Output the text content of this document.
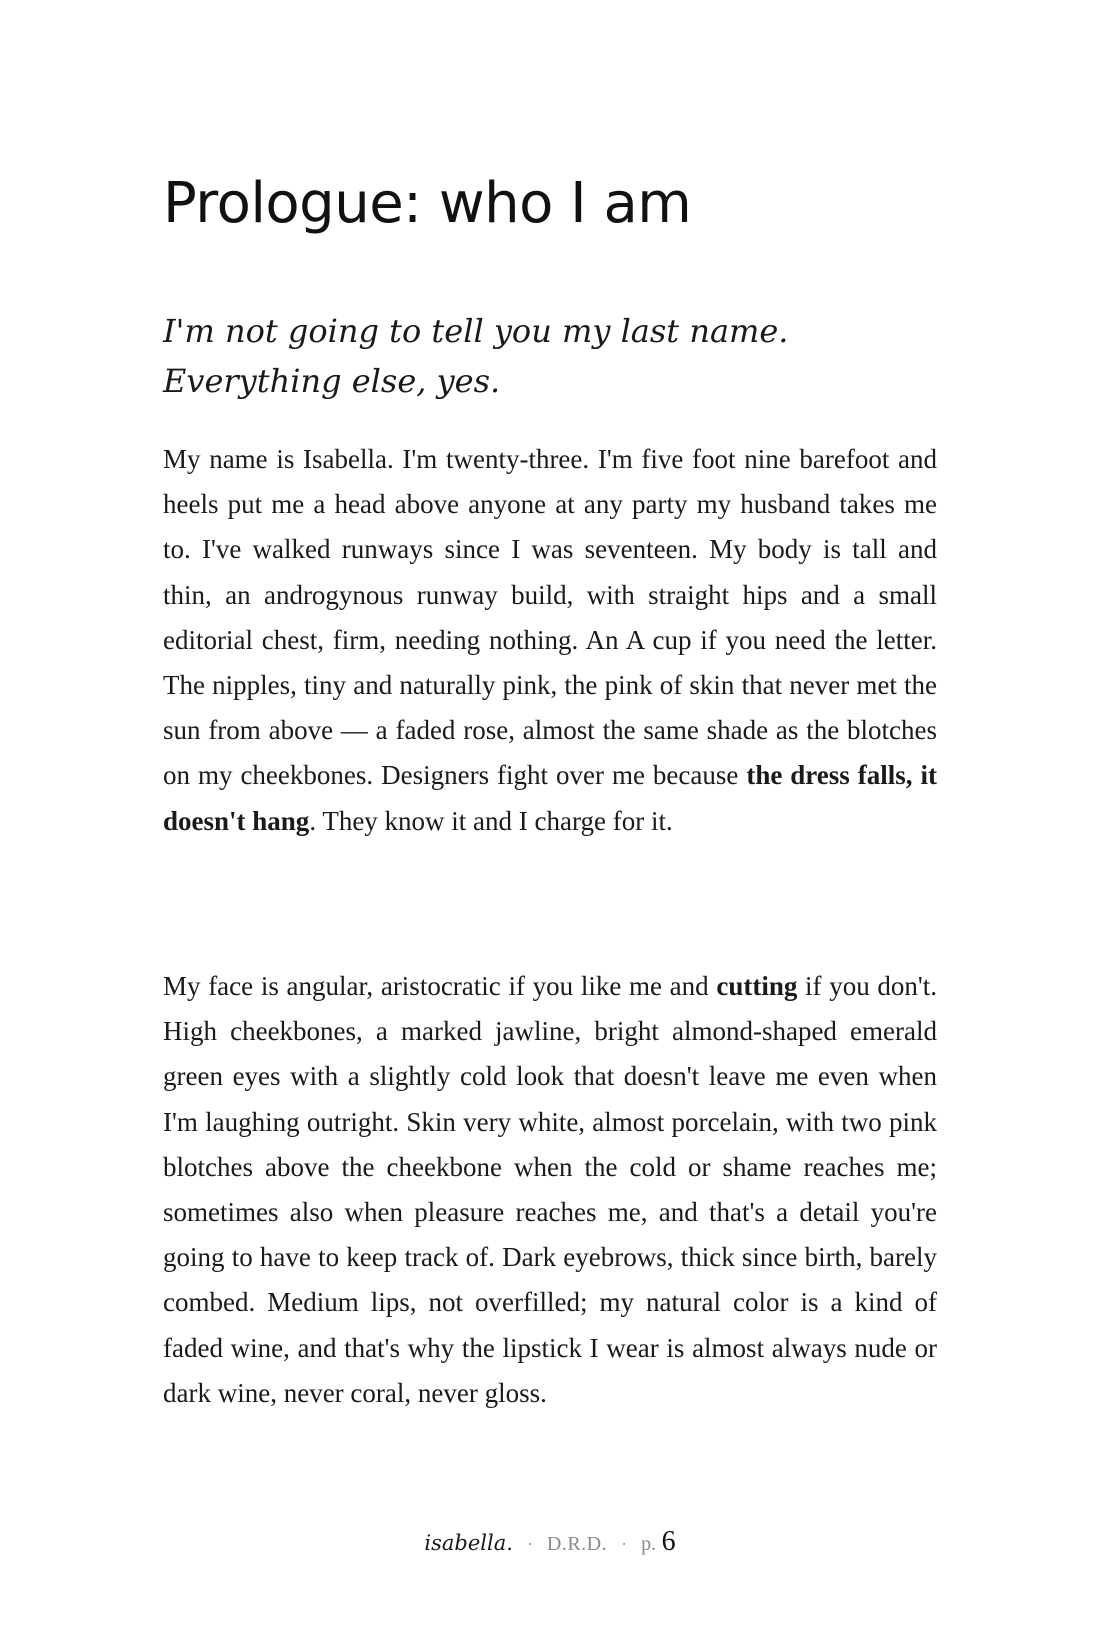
Prologue: who I am

I'm not going to tell you my last name. Everything else, yes.

My name is Isabella. I'm twenty-three. I'm five foot nine barefoot and heels put me a head above anyone at any party my husband takes me to. I've walked runways since I was seventeen. My body is tall and thin, an androgynous runway build, with straight hips and a small editorial chest, firm, needing nothing. An A cup if you need the letter. The nipples, tiny and naturally pink, the pink of skin that never met the sun from above — a faded rose, almost the same shade as the blotches on my cheekbones. Designers fight over me because the dress falls, it doesn't hang. They know it and I charge for it.

My face is angular, aristocratic if you like me and cutting if you don't. High cheekbones, a marked jawline, bright almond-shaped emerald green eyes with a slightly cold look that doesn't leave me even when I'm laughing outright. Skin very white, almost porcelain, with two pink blotches above the cheekbone when the cold or shame reaches me; sometimes also when pleasure reaches me, and that's a detail you're going to have to keep track of. Dark eyebrows, thick since birth, barely combed. Medium lips, not overfilled; my natural color is a kind of faded wine, and that's why the lipstick I wear is almost always nude or dark wine, never coral, never gloss.

isabella. · D.R.D. · p. 6
